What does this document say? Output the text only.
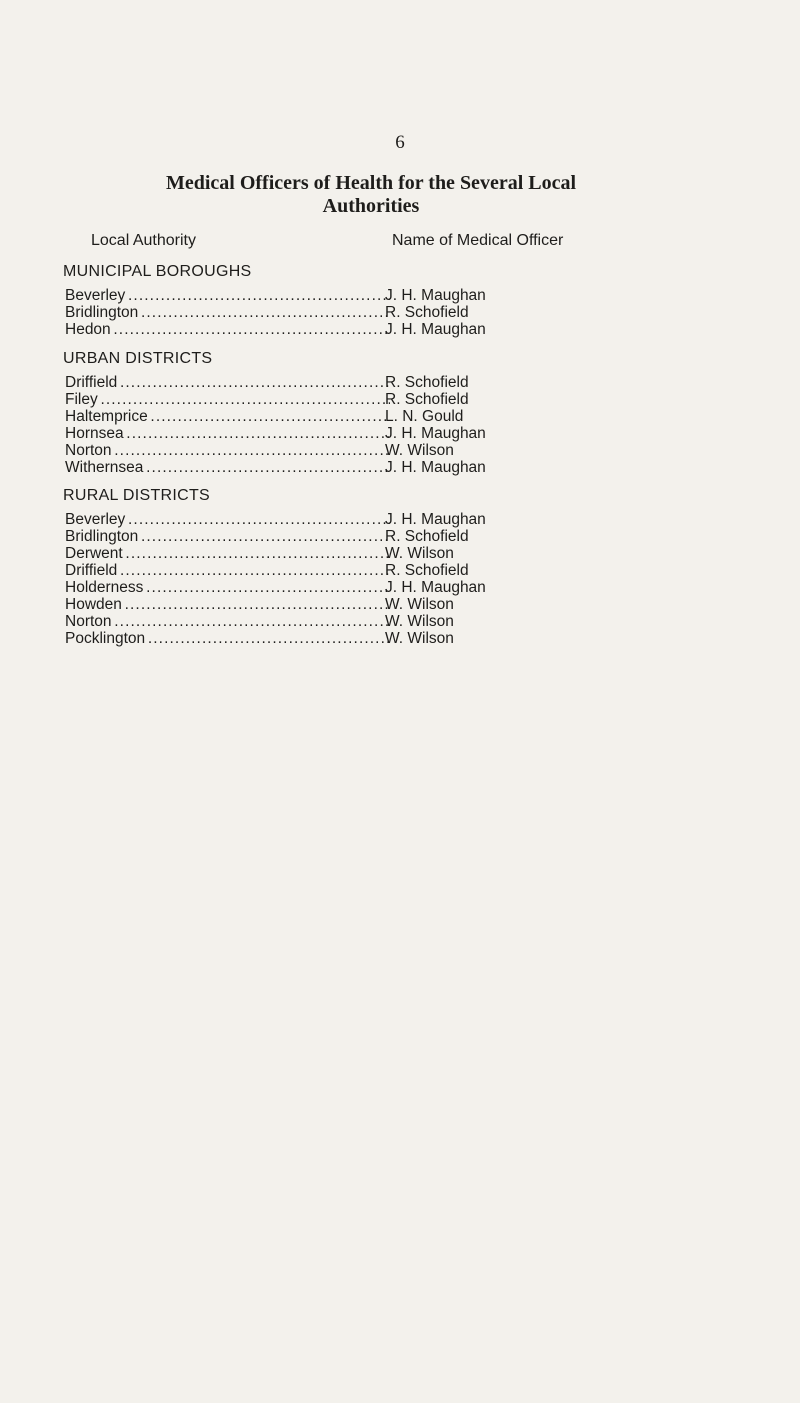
6
Medical Officers of Health for the Several Local
Authorities
Local Authority	Name of Medical Officer
MUNICIPAL BOROUGHS
Beverley . . .	J. H. Maughan
Bridlington . . .	R. Schofield
Hedon . . .	J. H. Maughan
URBAN DISTRICTS
Driffield . . .	R. Schofield
Filey . . .	R. Schofield
Haltemprice . . .	L. N. Gould
Hornsea . . .	J. H. Maughan
Norton . . .	W. Wilson
Withernsea . . .	J. H. Maughan
RURAL DISTRICTS
Beverley . . .	J. H. Maughan
Bridlington . . .	R. Schofield
Derwent . . .	W. Wilson
Driffield . . .	R. Schofield
Holderness . . .	J. H. Maughan
Howden . . .	W. Wilson
Norton . . .	W. Wilson
Pocklington . . .	W. Wilson
